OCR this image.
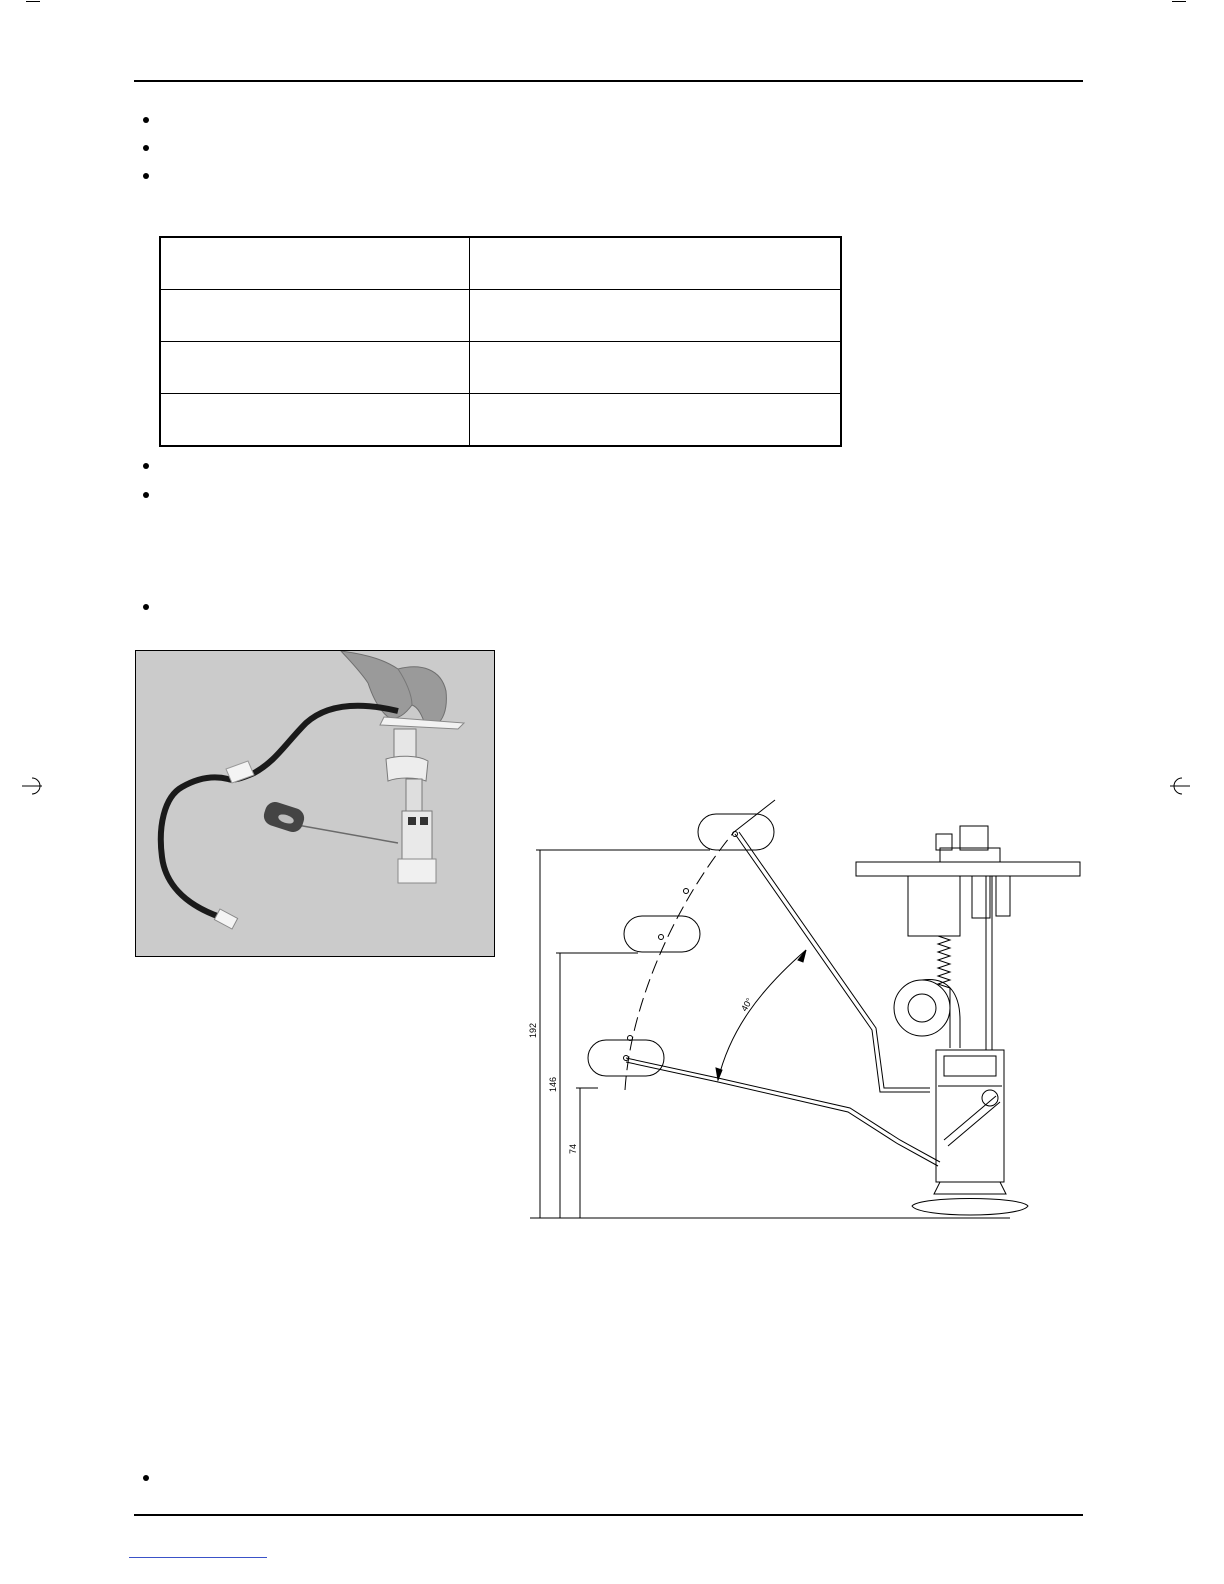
192
146
74
40°
